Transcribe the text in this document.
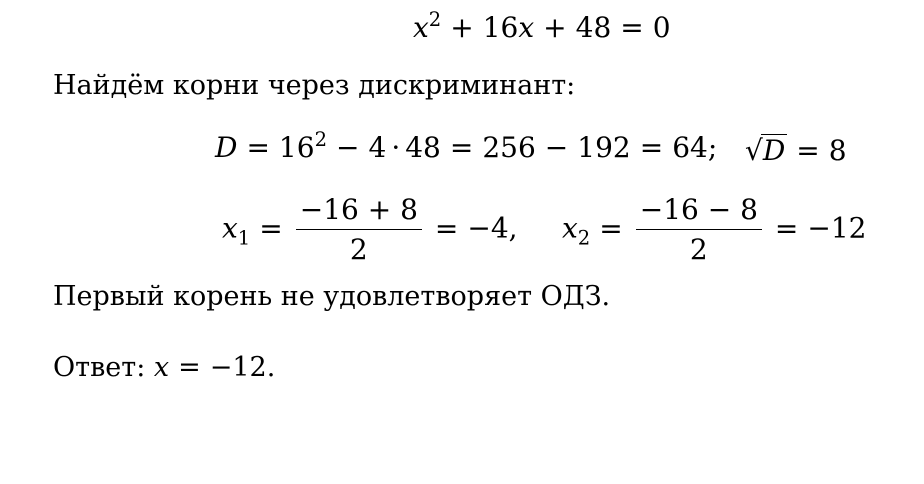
$x^2 + 16x + 48 = 0$
Найдём корни через дискриминант:
$D = 16^2 - 4 \cdot 48 = 256 - 192 = 64$; √D = 8
$x_1 = \frac{-16 + 8}{2} = -4$, $x_2 = \frac{-16 - 8}{2} = -12$
Первый корень не удовлетворяет ОДЗ.
Ответ: x = −12.
